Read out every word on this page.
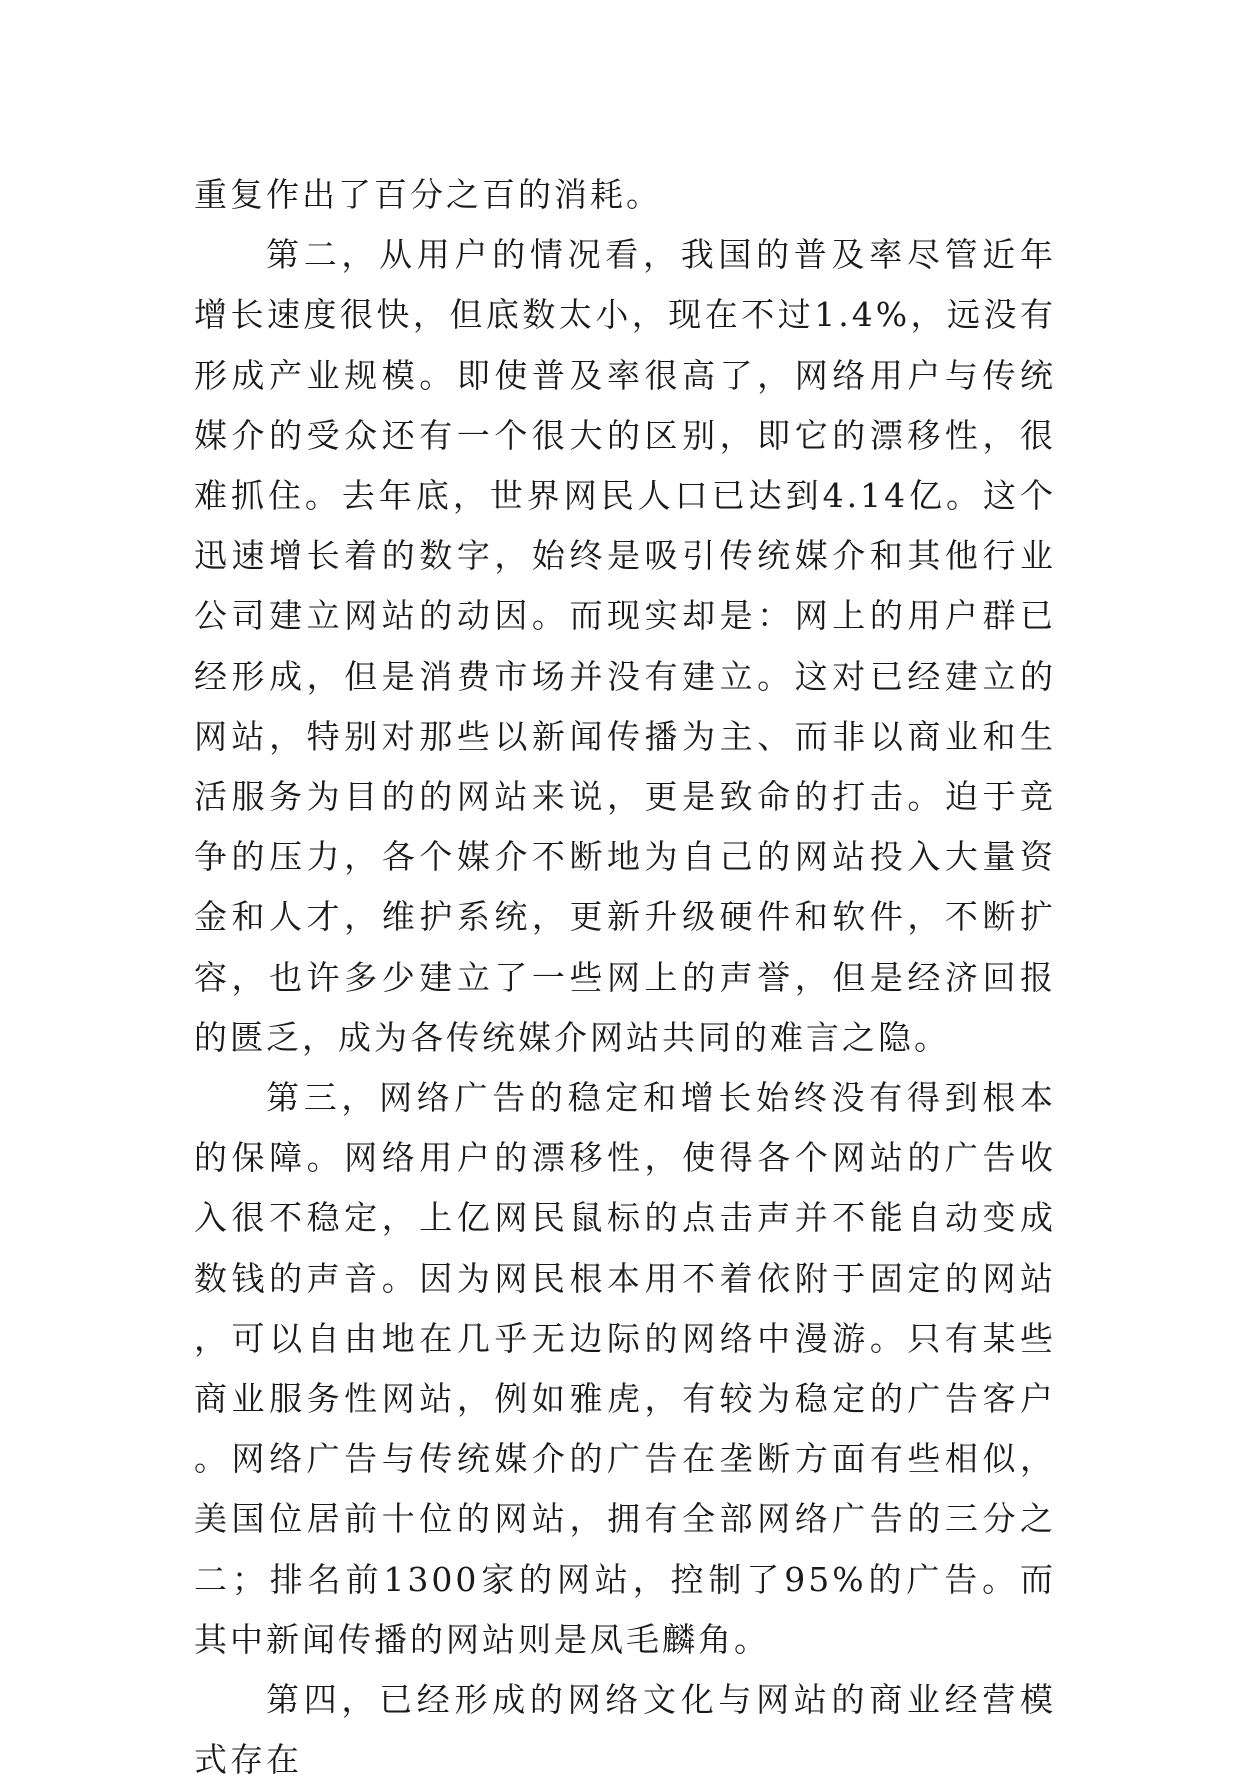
重复作出了百分之百的消耗。

第二，从用户的情况看，我国的普及率尽管近年增长速度很快，但底数太小，现在不过1.4%，远没有形成产业规模。即使普及率很高了，网络用户与传统媒介的受众还有一个很大的区别，即它的漂移性，很难抓住。去年底，世界网民人口已达到4.14亿。这个迅速增长着的数字，始终是吸引传统媒介和其他行业公司建立网站的动因。而现实却是：网上的用户群已经形成，但是消费市场并没有建立。这对已经建立的网站，特别对那些以新闻传播为主、而非以商业和生活服务为目的的网站来说，更是致命的打击。迫于竞争的压力，各个媒介不断地为自己的网站投入大量资金和人才，维护系统，更新升级硬件和软件，不断扩容，也许多少建立了一些网上的声誉，但是经济回报的匮乏，成为各传统媒介网站共同的难言之隐。

第三，网络广告的稳定和增长始终没有得到根本的保障。网络用户的漂移性，使得各个网站的广告收入很不稳定，上亿网民鼠标的点击声并不能自动变成数钱的声音。因为网民根本用不着依附于固定的网站，可以自由地在几乎无边际的网络中漫游。只有某些商业服务性网站，例如雅虎，有较为稳定的广告客户。网络广告与传统媒介的广告在垄断方面有些相似，美国位居前十位的网站，拥有全部网络广告的三分之二；排名前1300家的网站，控制了95%的广告。而其中新闻传播的网站则是凤毛麟角。

第四，已经形成的网络文化与网站的商业经营模式存在
